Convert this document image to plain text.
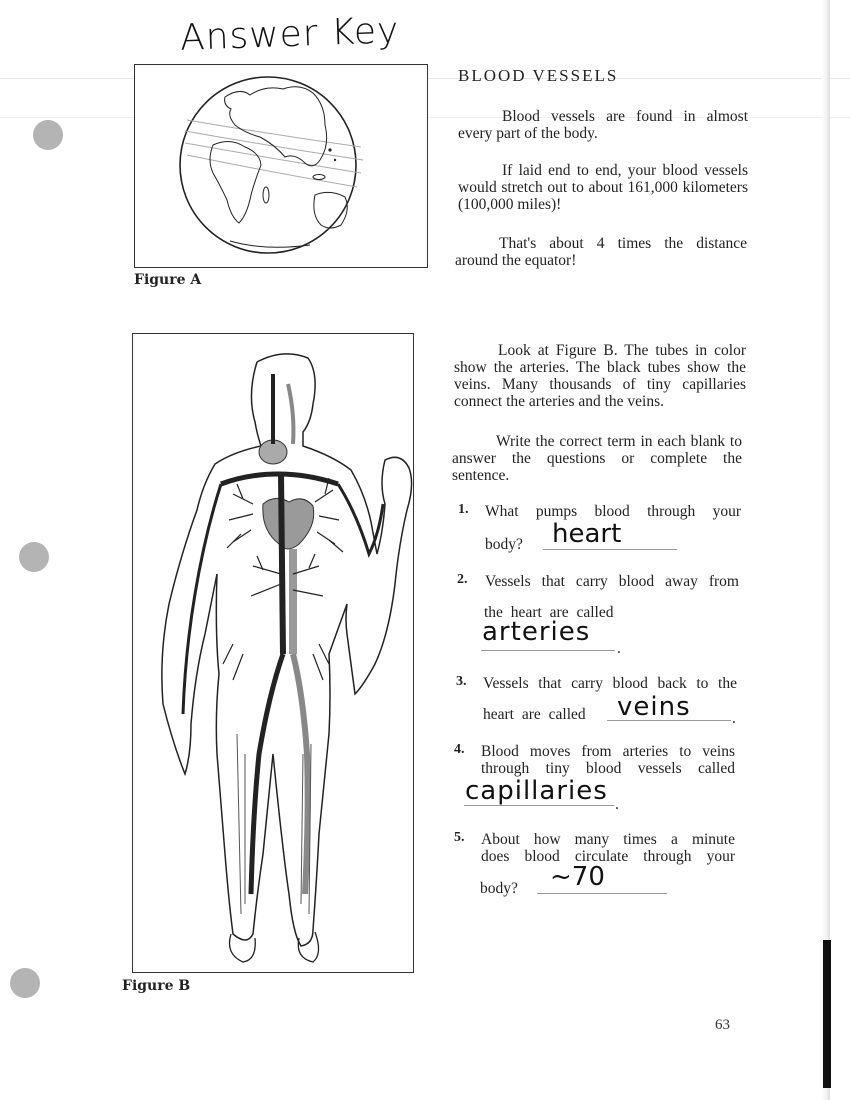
Answer Key
Figure A
BLOOD VESSELS
Blood vessels are found in almost every part of the body.
If laid end to end, your blood vessels would stretch out to about 161,000 kilometers (100,000 miles)!
That's about 4 times the distance around the equator!
Figure B
Look at Figure B. The tubes in color show the arteries. The black tubes show the veins. Many thousands of tiny capillaries connect the arteries and the veins.
Write the correct term in each blank to answer the questions or complete the sentence.
1. What pumps blood through your
body? heart
2. Vessels that carry blood away from
the heart are called
arteries
.
3. Vessels that carry blood back to the
heart are called veins	.
4. Blood moves from arteries to veins
through tiny blood vessels called
capillaries .
5. About how many times a minute
does blood circulate through your
body? ~70
63
